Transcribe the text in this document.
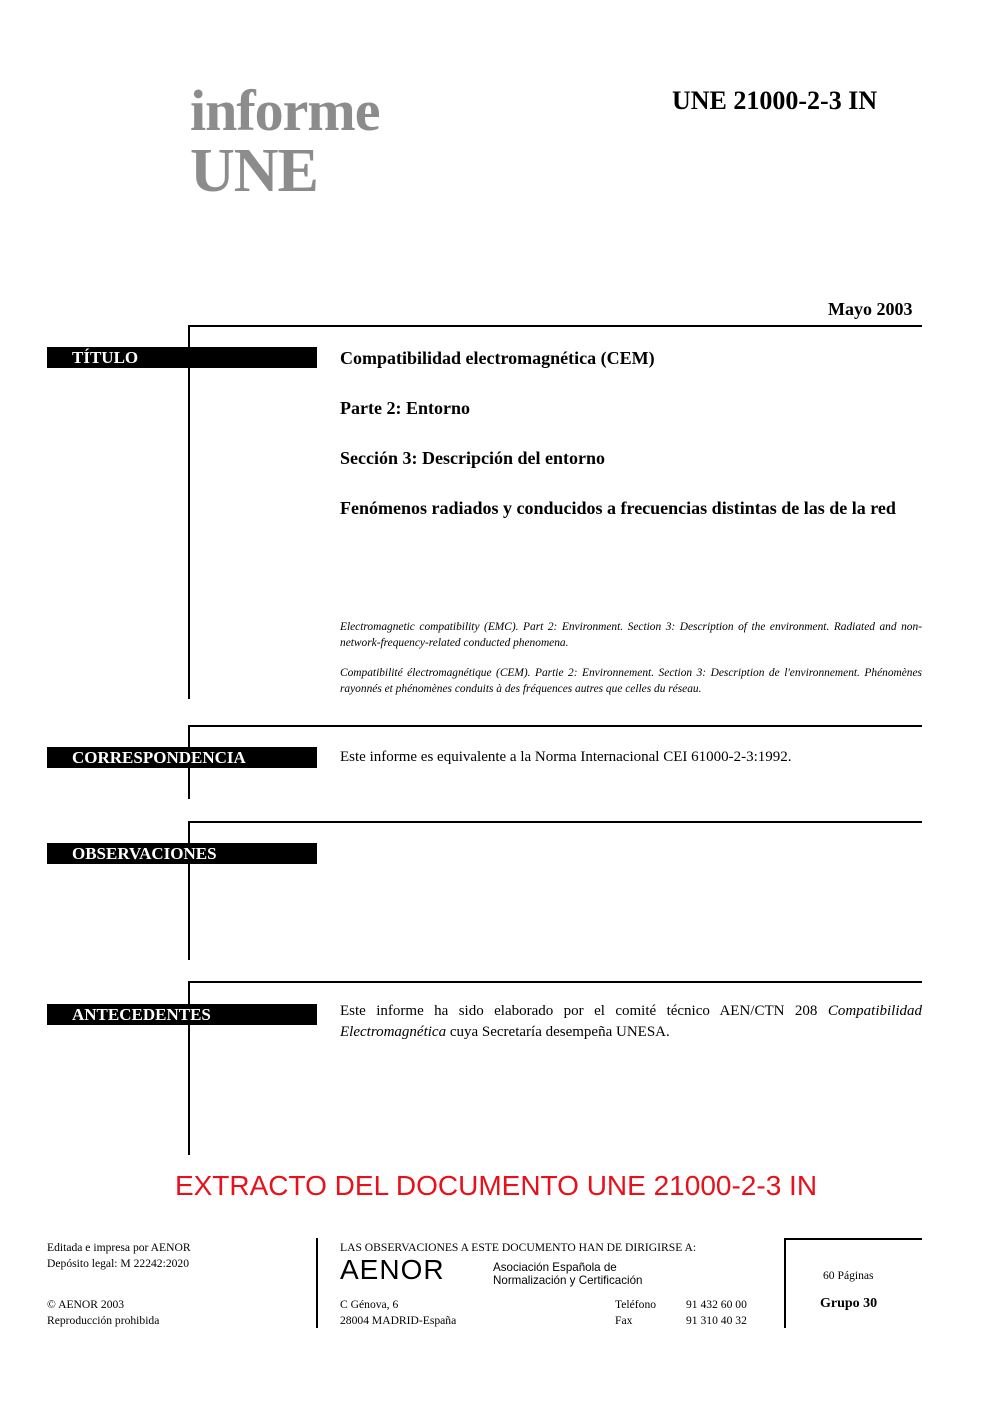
informe
UNE
UNE 21000-2-3 IN
Mayo 2003
TÍTULO	Compatibilidad electromagnética (CEM)
Parte 2: Entorno
Sección 3: Descripción del entorno
Fenómenos radiados y conducidos a frecuencias distintas de las de la red
Electromagnetic compatibility (EMC). Part 2: Environment. Section 3: Description of the environment. Radiated and non-network-frequency-related conducted phenomena.
Compatibilité électromagnétique (CEM). Partie 2: Environnement. Section 3: Description de l'environnement. Phénomènes rayonnés et phénomènes conduits à des fréquences autres que celles du réseau.
CORRESPONDENCIA	Este informe es equivalente a la Norma Internacional CEI 61000-2-3:1992.
OBSERVACIONES
ANTECEDENTES	Este informe ha sido elaborado por el comité técnico AEN/CTN 208 Compatibilidad Electromagnética cuya Secretaría desempeña UNESA.
EXTRACTO DEL DOCUMENTO UNE 21000-2-3 IN
Editada e impresa por AENOR
Depósito legal: M 22242:2020
© AENOR 2003
Reproducción prohibida
LAS OBSERVACIONES A ESTE DOCUMENTO HAN DE DIRIGIRSE A:
AENOR	Asociación Española de
Normalización y Certificación
C Génova, 6
28004 MADRID-España
Teléfono	91 432 60 00
Fax	91 310 40 32
60 Páginas
Grupo 30
